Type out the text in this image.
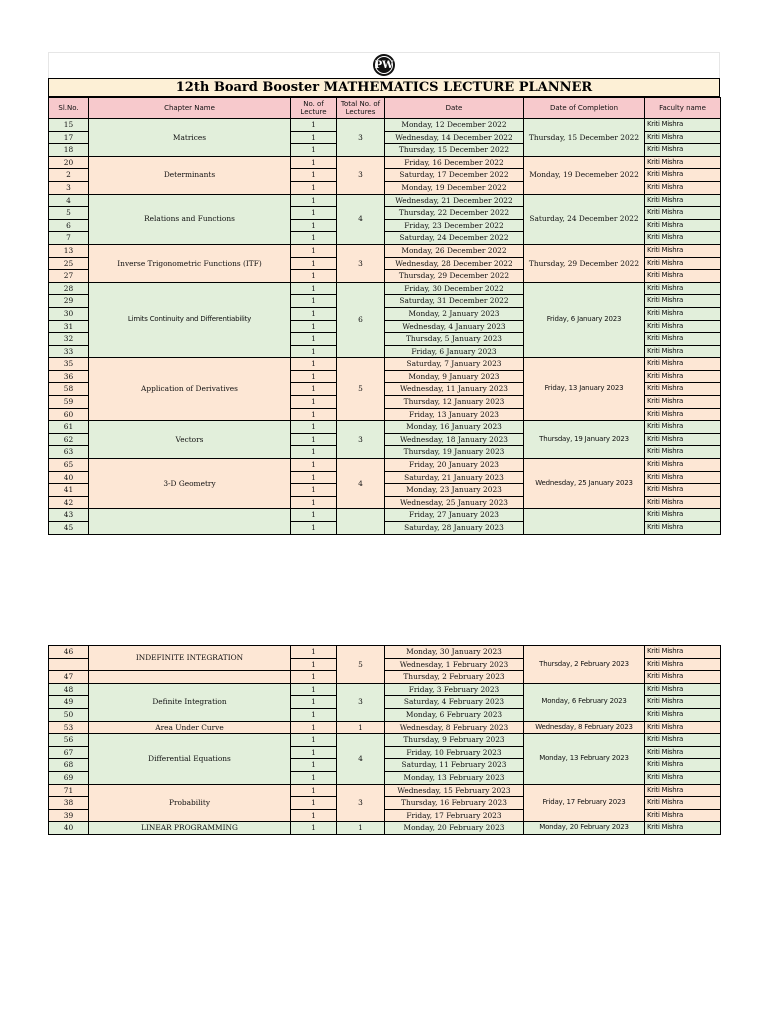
PW
12th Board Booster MATHEMATICS LECTURE PLANNER
Sl.No.	Chapter Name	No. of Lecture	Total No. of Lectures	Date	Date of Completion	Faculty name
15	Matrices	1	3	Monday, 12 December 2022	Thursday, 15 December 2022	Kriti Mishra
17		1		Wednesday, 14 December 2022		Kriti Mishra
18		1		Thursday, 15 December 2022		Kriti Mishra
20	Determinants	1	3	Friday, 16 December 2022	Monday, 19 Decemeber 2022	Kriti Mishra
2		1		Saturday, 17 December 2022		Kriti Mishra
3		1		Monday, 19 December 2022		Kriti Mishra
4	Relations and Functions	1	4	Wednesday, 21 December 2022	Saturday, 24 December 2022	Kriti Mishra
5		1		Thursday, 22 December 2022		Kriti Mishra
6		1		Friday, 23 December 2022		Kriti Mishra
7		1		Saturday, 24 December 2022		Kriti Mishra
13	Inverse Trigonometric Functions (ITF)	1	3	Monday, 26 December 2022	Thursday, 29 December 2022	Kriti Mishra
25		1		Wednesday, 28 December 2022		Kriti Mishra
27		1		Thursday, 29 December 2022		Kriti Mishra
28	Limits Continuity and Differentiability	1	6	Friday, 30 December 2022	Friday, 6 January 2023	Kriti Mishra
29		1		Saturday, 31 December 2022		Kriti Mishra
30		1		Monday, 2 January 2023		Kriti Mishra
31		1		Wednesday, 4 January 2023		Kriti Mishra
32		1		Thursday, 5 January 2023		Kriti Mishra
33		1		Friday, 6 January 2023		Kriti Mishra
35	Application of Derivatives	1	5	Saturday, 7 January 2023	Friday, 13 January 2023	Kriti Mishra
36		1		Monday, 9 January 2023		Kriti Mishra
58		1		Wednesday, 11 January 2023		Kriti Mishra
59		1		Thursday, 12 January 2023		Kriti Mishra
60		1		Friday, 13 January 2023		Kriti Mishra
61	Vectors	1	3	Monday, 16 January 2023	Thursday, 19 January 2023	Kriti Mishra
62		1		Wednesday, 18 January 2023		Kriti Mishra
63		1		Thursday, 19 January 2023		Kriti Mishra
65	3-D Geometry	1	4	Friday, 20 January 2023	Wednesday, 25 January 2023	Kriti Mishra
40		1		Saturday, 21 January 2023		Kriti Mishra
41		1		Monday, 23 January 2023		Kriti Mishra
42		1		Wednesday, 25 January 2023		Kriti Mishra
43		1		Friday, 27 January 2023		Kriti Mishra
45		1		Saturday, 28 January 2023		Kriti Mishra
46	INDEFINITE INTEGRATION	1	5	Monday, 30 January 2023	Thursday, 2 February 2023	Kriti Mishra
		1		Wednesday, 1 February 2023		Kriti Mishra
47		1		Thursday, 2 February 2023		Kriti Mishra
48	Definite Integration	1	3	Friday, 3 February 2023	Monday, 6 February 2023	Kriti Mishra
49		1		Saturday, 4 February 2023		Kriti Mishra
50		1		Monday, 6 February 2023		Kriti Mishra
53	Area Under Curve	1	1	Wednesday, 8 February 2023	Wednesday, 8 February 2023	Kriti Mishra
56	Differential Equations	1	4	Thursday, 9 February 2023	Monday, 13 February 2023	Kriti Mishra
67		1		Friday, 10 February 2023		Kriti Mishra
68		1		Saturday, 11 February 2023		Kriti Mishra
69		1		Monday, 13 February 2023		Kriti Mishra
71	Probability	1	3	Wednesday, 15 February 2023	Friday, 17 February 2023	Kriti Mishra
38		1		Thursday, 16 February 2023		Kriti Mishra
39		1		Friday, 17 February 2023		Kriti Mishra
40	LINEAR PROGRAMMING	1	1	Monday, 20 February 2023	Monday, 20 February 2023	Kriti Mishra
